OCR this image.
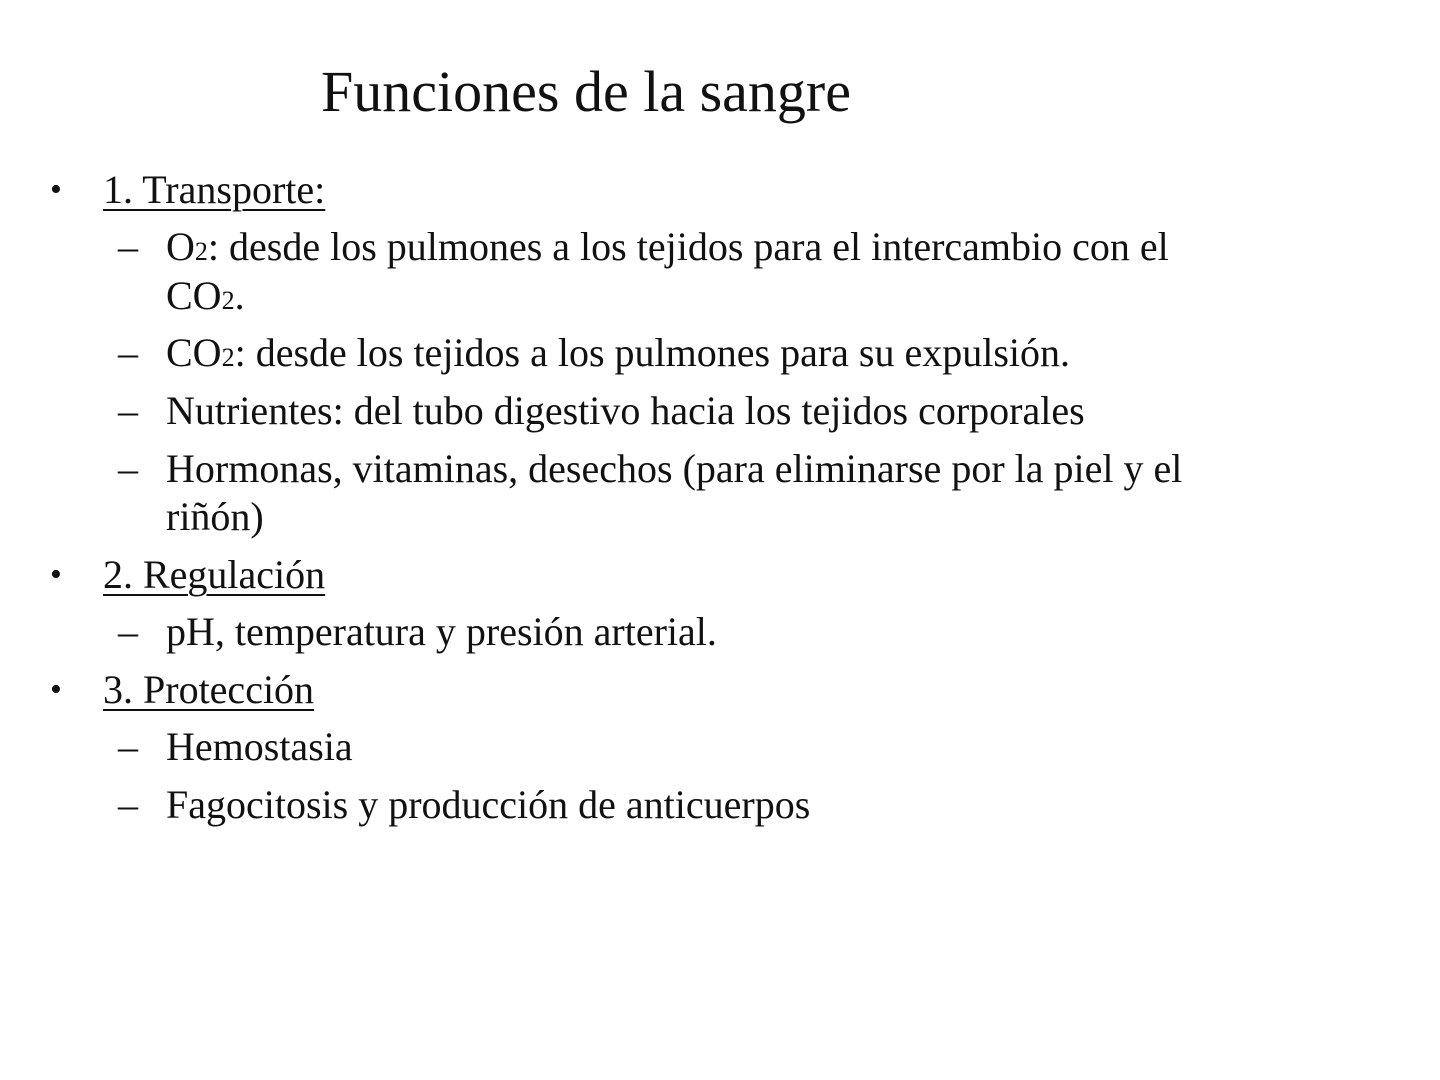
Funciones de la sangre
• 1. Transporte:
– O2: desde los pulmones a los tejidos para el intercambio con el
CO2.
– CO2: desde los tejidos a los pulmones para su expulsión.
– Nutrientes: del tubo digestivo hacia los tejidos corporales
– Hormonas, vitaminas, desechos (para eliminarse por la piel y el
riñón)
• 2. Regulación
– pH, temperatura y presión arterial.
• 3. Protección
– Hemostasia
– Fagocitosis y producción de anticuerpos
